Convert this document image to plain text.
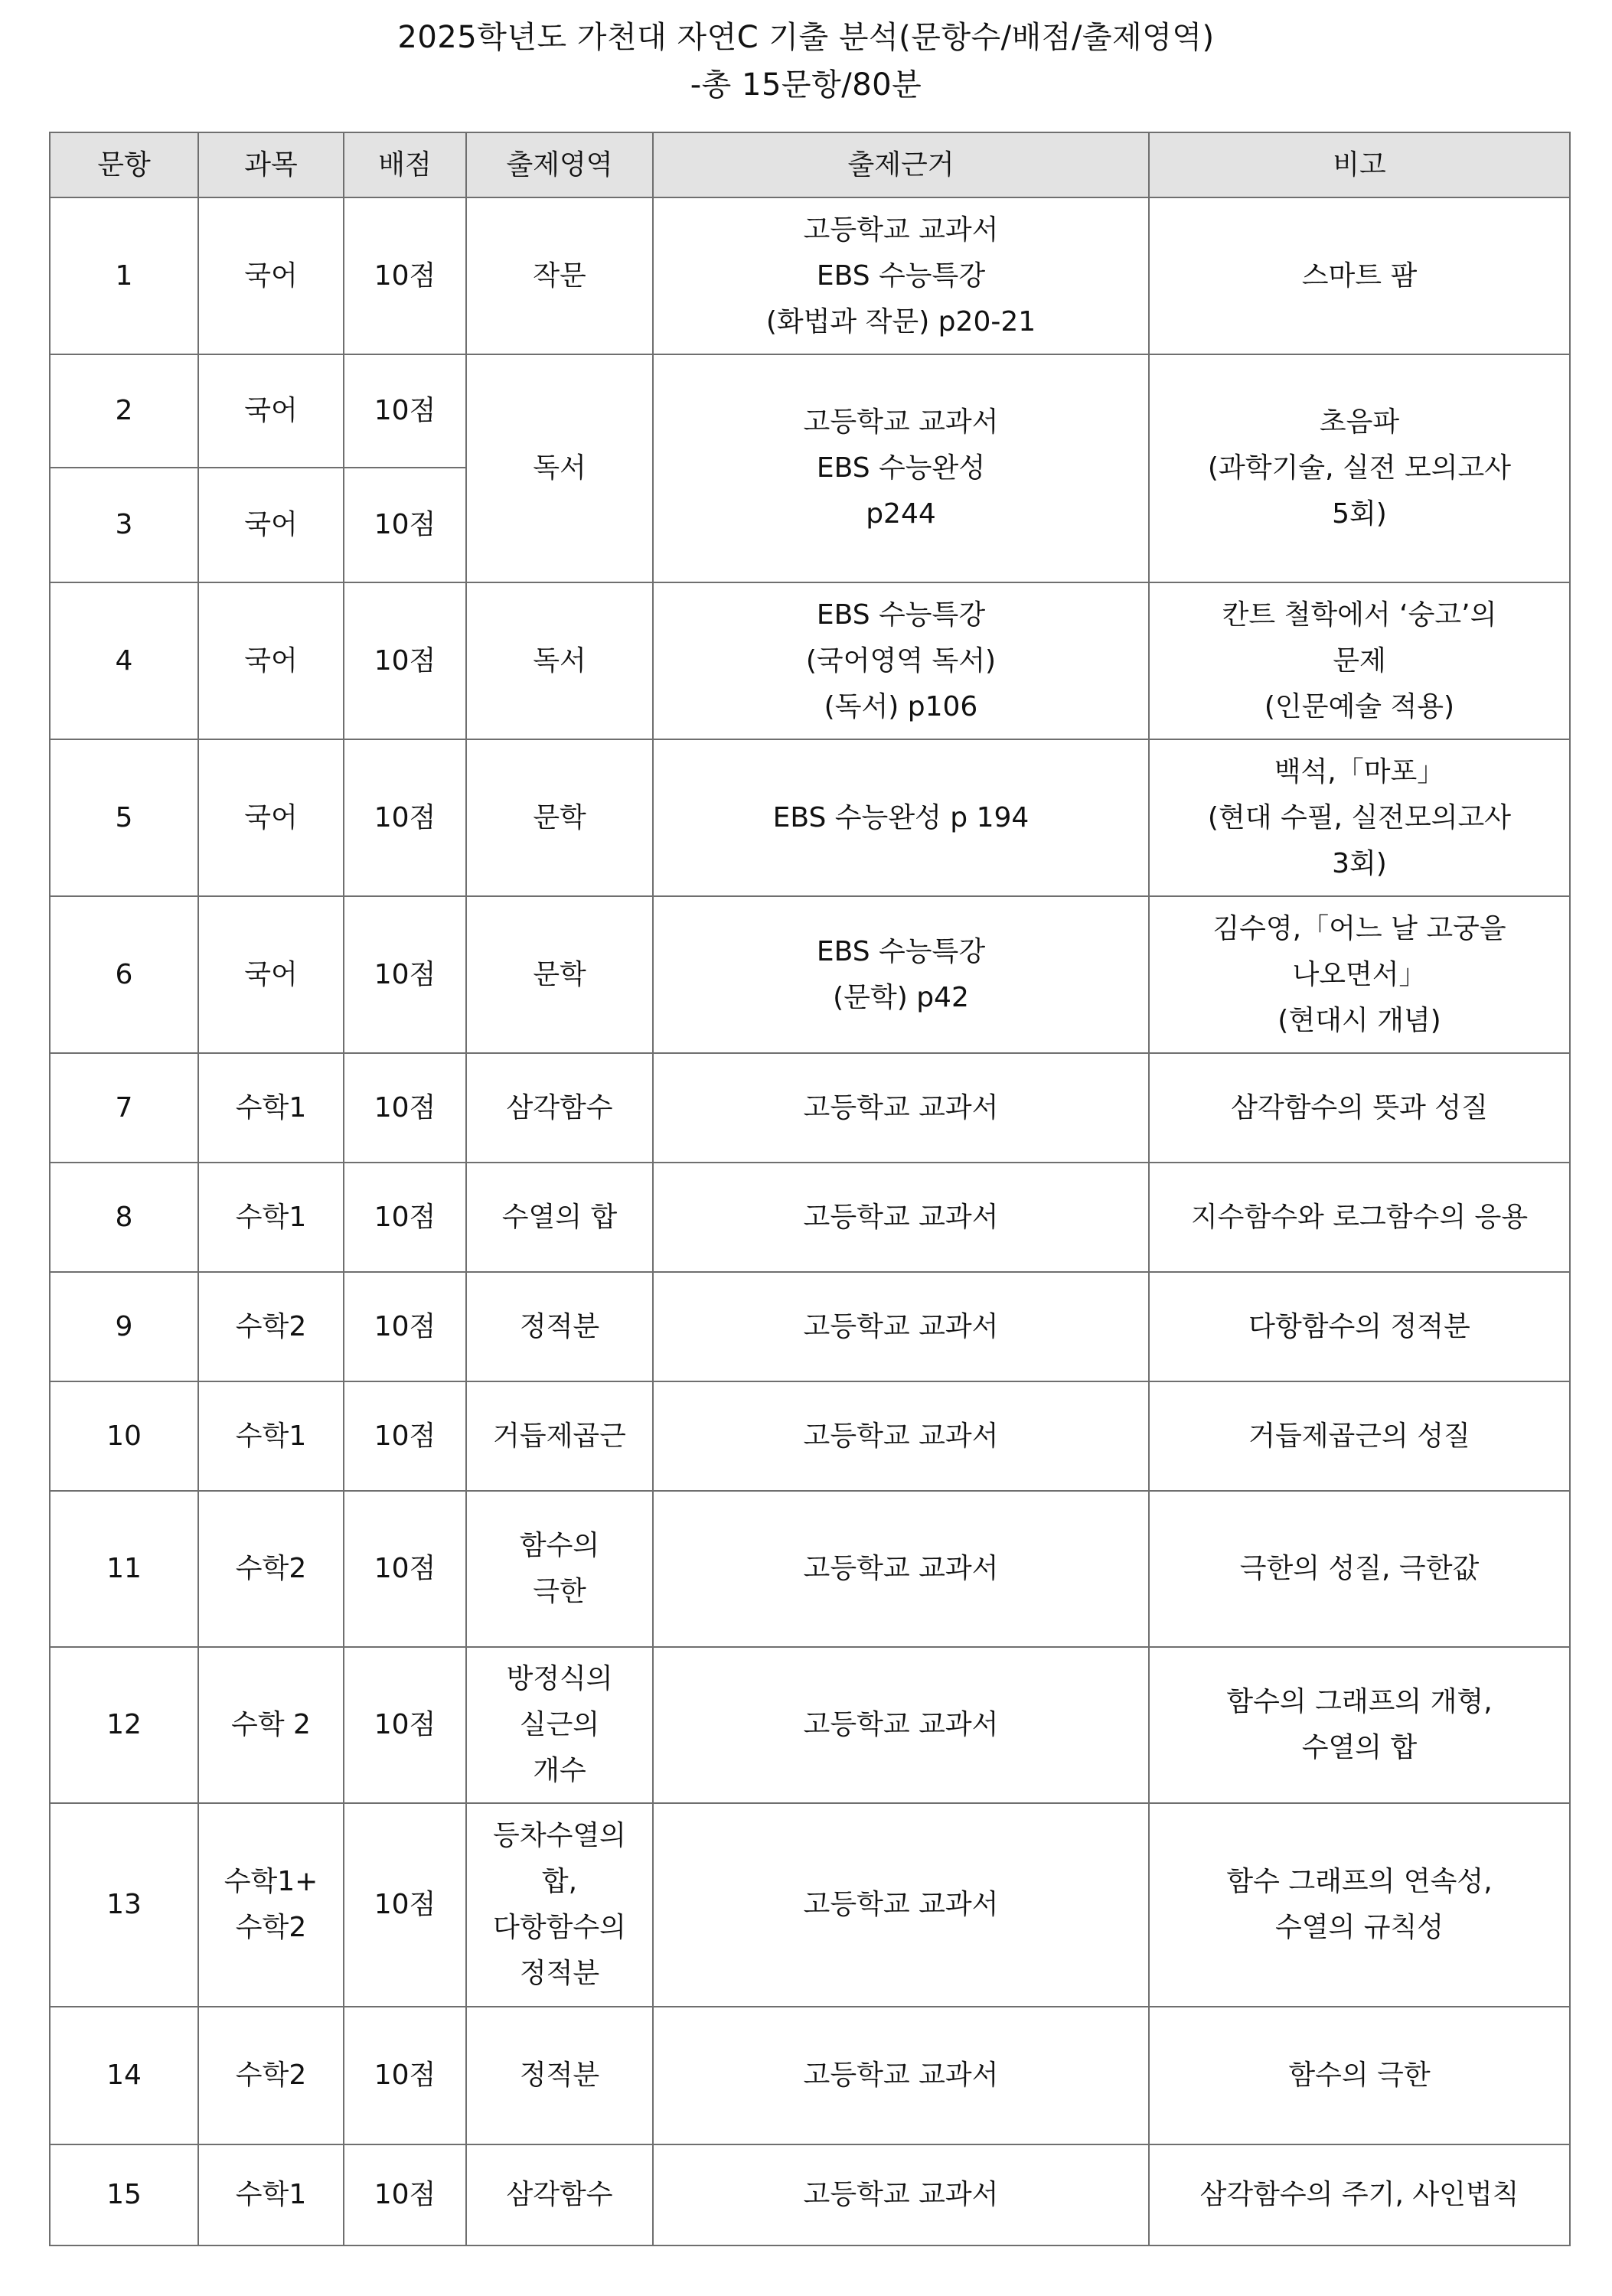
2025학년도 가천대 자연C 기출 분석(문항수/배점/출제영역)
-총 15문항/80분
문항	과목	배점	출제영역	출제근거	비고

1	국어	10점	작문	고등학교 교과서
EBS 수능특강
(화법과 작문) p20-21	스마트 팜

2	국어	10점	독서	고등학교 교과서
EBS 수능완성
p244	초음파
(과학기술, 실전 모의고사
5회)

3	국어	10점			

4	국어	10점	독서	EBS 수능특강
(국어영역 독서)
(독서) p106	칸트 철학에서 ‘숭고’의
문제
(인문예술 적용)

5	국어	10점	문학	EBS 수능완성 p 194	백석,「마포」
(현대 수필, 실전모의고사
3회)

6	국어	10점	문학	EBS 수능특강
(문학) p42	김수영,「어느 날 고궁을
나오면서」
(현대시 개념)

7	수학1	10점	삼각함수	고등학교 교과서	삼각함수의 뜻과 성질

8	수학1	10점	수열의 합	고등학교 교과서	지수함수와 로그함수의 응용

9	수학2	10점	정적분	고등학교 교과서	다항함수의 정적분

10	수학1	10점	거듭제곱근	고등학교 교과서	거듭제곱근의 성질

11	수학2	10점	함수의
극한	고등학교 교과서	극한의 성질, 극한값

12	수학 2	10점	방정식의
실근의
개수	고등학교 교과서	함수의 그래프의 개형,
수열의 합

13	수학1+
수학2	10점	등차수열의
합,
다항함수의
정적분	고등학교 교과서	함수 그래프의 연속성,
수열의 규칙성

14	수학2	10점	정적분	고등학교 교과서	함수의 극한

15	수학1	10점	삼각함수	고등학교 교과서	삼각함수의 주기, 사인법칙
